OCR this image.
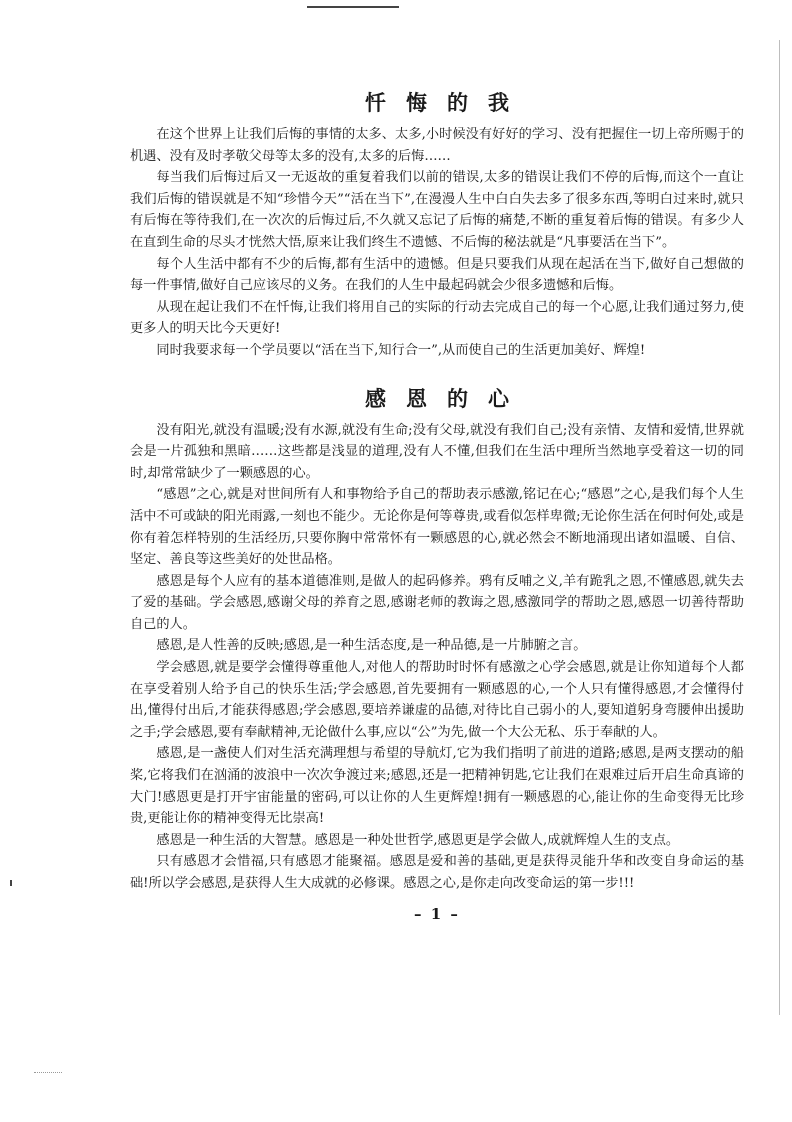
忏悔的我

在这个世界上让我们后悔的事情的太多、太多,小时候没有好好的学习、没有把握住一切上帝所赐于的机遇、没有及时孝敬父母等太多的没有,太多的后悔……

每当我们后悔过后又一无返故的重复着我们以前的错误,太多的错误让我们不停的后悔,而这个一直让我们后悔的错误就是不知“珍惜今天”“活在当下”,在漫漫人生中白白失去多了很多东西,等明白过来时,就只有后悔在等待我们,在一次次的后悔过后,不久就又忘记了后悔的痛楚,不断的重复着后悔的错误。有多少人在直到生命的尽头才恍然大悟,原来让我们终生不遗憾、不后悔的秘法就是“凡事要活在当下”。

每个人生活中都有不少的后悔,都有生活中的遗憾。但是只要我们从现在起活在当下,做好自己想做的每一件事情,做好自己应该尽的义务。在我们的人生中最起码就会少很多遗憾和后悔。

从现在起让我们不在忏悔,让我们将用自己的实际的行动去完成自己的每一个心愿,让我们通过努力,使更多人的明天比今天更好!

同时我要求每一个学员要以“活在当下,知行合一”,从而使自己的生活更加美好、辉煌!

感恩的心

没有阳光,就没有温暖;没有水源,就没有生命;没有父母,就没有我们自己;没有亲情、友情和爱情,世界就会是一片孤独和黑暗……这些都是浅显的道理,没有人不懂,但我们在生活中理所当然地享受着这一切的同时,却常常缺少了一颗感恩的心。

“感恩”之心,就是对世间所有人和事物给予自己的帮助表示感激,铭记在心;“感恩”之心,是我们每个人生活中不可或缺的阳光雨露,一刻也不能少。无论你是何等尊贵,或看似怎样卑微;无论你生活在何时何处,或是你有着怎样特别的生活经历,只要你胸中常常怀有一颗感恩的心,就必然会不断地涌现出诸如温暖、自信、坚定、善良等这些美好的处世品格。

感恩是每个人应有的基本道德准则,是做人的起码修养。鸦有反哺之义,羊有跪乳之恩,不懂感恩,就失去了爱的基础。学会感恩,感谢父母的养育之恩,感谢老师的教诲之恩,感激同学的帮助之恩,感恩一切善待帮助自己的人。

感恩,是人性善的反映;感恩,是一种生活态度,是一种品德,是一片肺腑之言。

学会感恩,就是要学会懂得尊重他人,对他人的帮助时时怀有感激之心学会感恩,就是让你知道每个人都在享受着别人给予自己的快乐生活;学会感恩,首先要拥有一颗感恩的心,一个人只有懂得感恩,才会懂得付出,懂得付出后,才能获得感恩;学会感恩,要培养谦虚的品德,对待比自己弱小的人,要知道躬身弯腰伸出援助之手;学会感恩,要有奉献精神,无论做什么事,应以“公”为先,做一个大公无私、乐于奉献的人。

感恩,是一盏使人们对生活充满理想与希望的导航灯,它为我们指明了前进的道路;感恩,是两支摆动的船桨,它将我们在汹涌的波浪中一次次争渡过来;感恩,还是一把精神钥匙,它让我们在艰难过后开启生命真谛的大门!感恩更是打开宇宙能量的密码,可以让你的人生更辉煌!拥有一颗感恩的心,能让你的生命变得无比珍贵,更能让你的精神变得无比崇高!

感恩是一种生活的大智慧。感恩是一种处世哲学,感恩更是学会做人,成就辉煌人生的支点。

只有感恩才会惜福,只有感恩才能聚福。感恩是爱和善的基础,更是获得灵能升华和改变自身命运的基础!所以学会感恩,是获得人生大成就的必修课。感恩之心,是你走向改变命运的第一步!!!

– 1 –
